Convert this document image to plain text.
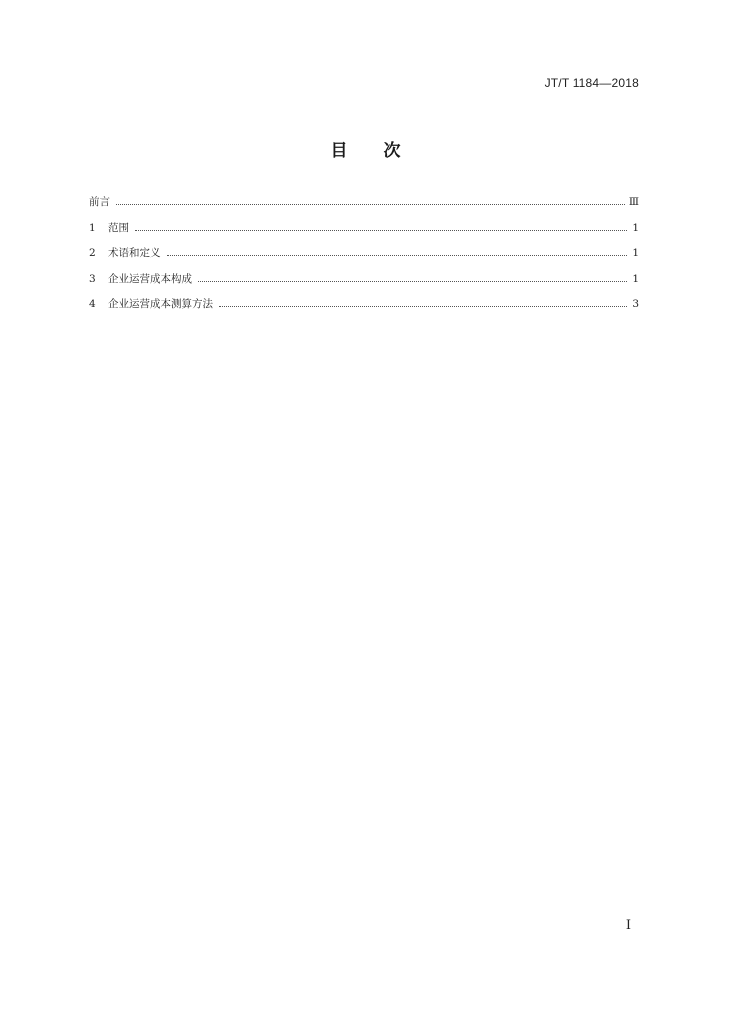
JT/T 1184—2018
目 次
前言	Ⅲ
1	范围	1
2	术语和定义	1
3	企业运营成本构成	1
4	企业运营成本测算方法	3
Ⅰ
